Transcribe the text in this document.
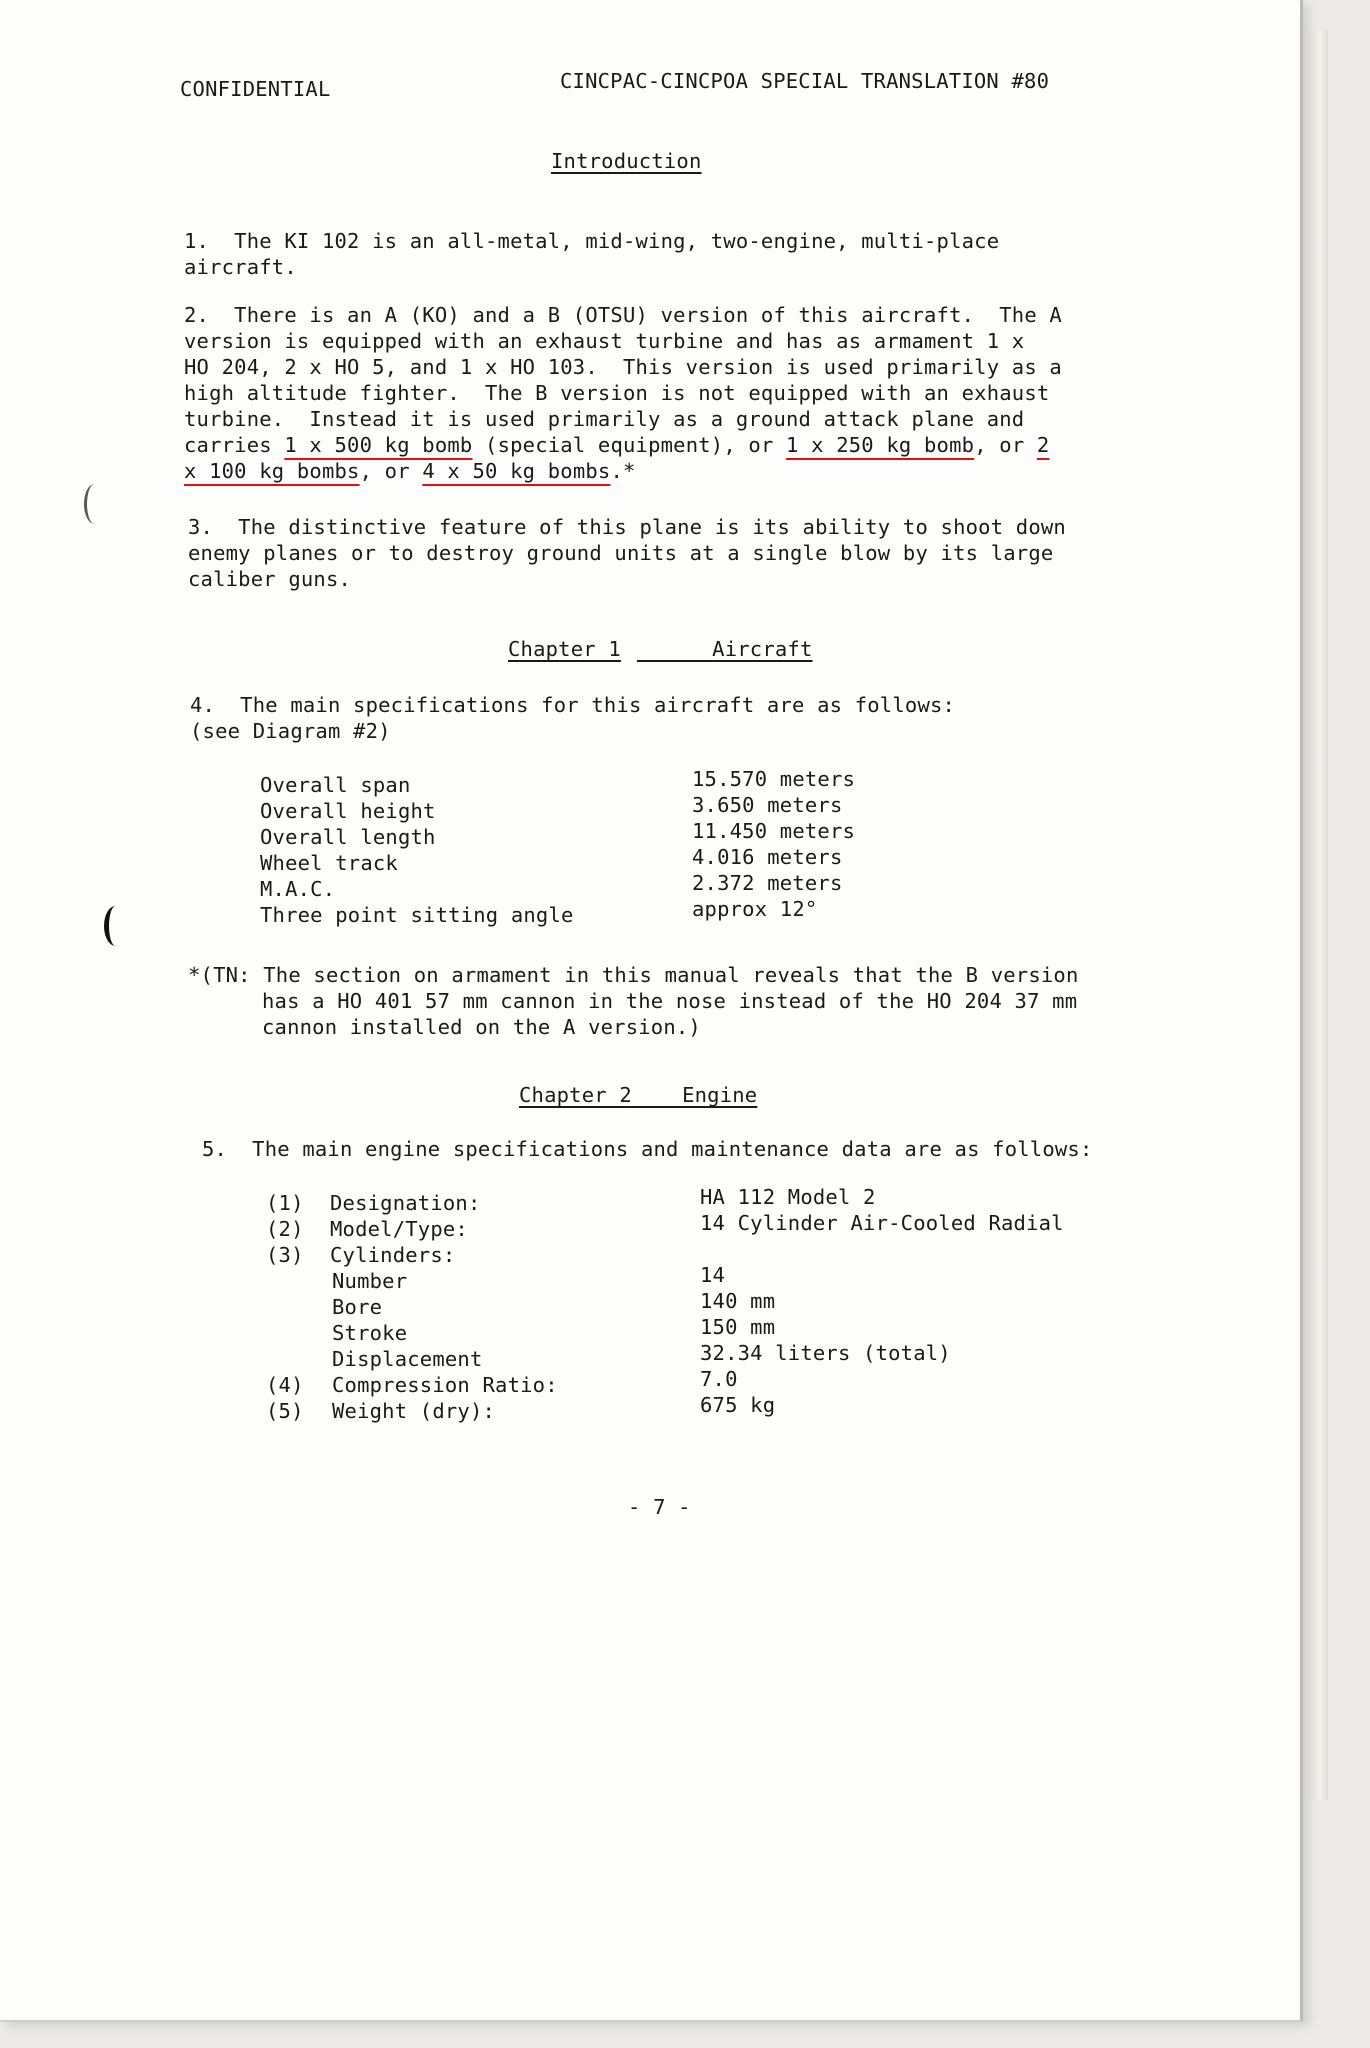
CONFIDENTIAL	CINCPAC-CINCPOA SPECIAL TRANSLATION #80
Introduction
1.  The KI 102 is an all-metal, mid-wing, two-engine, multi-place
aircraft.
2.  There is an A (KO) and a B (OTSU) version of this aircraft.  The A
version is equipped with an exhaust turbine and has as armament 1 x
HO 204, 2 x HO 5, and 1 x HO 103.  This version is used primarily as a
high altitude fighter.  The B version is not equipped with an exhaust
turbine.  Instead it is used primarily as a ground attack plane and
carries 1 x 500 kg bomb (special equipment), or 1 x 250 kg bomb, or 2
x 100 kg bombs, or 4 x 50 kg bombs.*
3.  The distinctive feature of this plane is its ability to shoot down
enemy planes or to destroy ground units at a single blow by its large
caliber guns.
Chapter 1	Aircraft
4.  The main specifications for this aircraft are as follows:
(see Diagram #2)
Overall span	15.570 meters
Overall height	3.650 meters
Overall length	11.450 meters
Wheel track	4.016 meters
M.A.C.	2.372 meters
Three point sitting angle	approx 12°
*(TN: The section on armament in this manual reveals that the B version
has a HO 401 57 mm cannon in the nose instead of the HO 204 37 mm
cannon installed on the A version.)
Chapter 2 Engine
5.  The main engine specifications and maintenance data are as follows:
(1) Designation:	HA 112 Model 2
(2) Model/Type:	14 Cylinder Air-Cooled Radial
(3) Cylinders:
Number	14
Bore	140 mm
Stroke	150 mm
Displacement	32.34 liters (total)
(4) Compression Ratio:	7.0
(5) Weight (dry):	675 kg
- 7 -
